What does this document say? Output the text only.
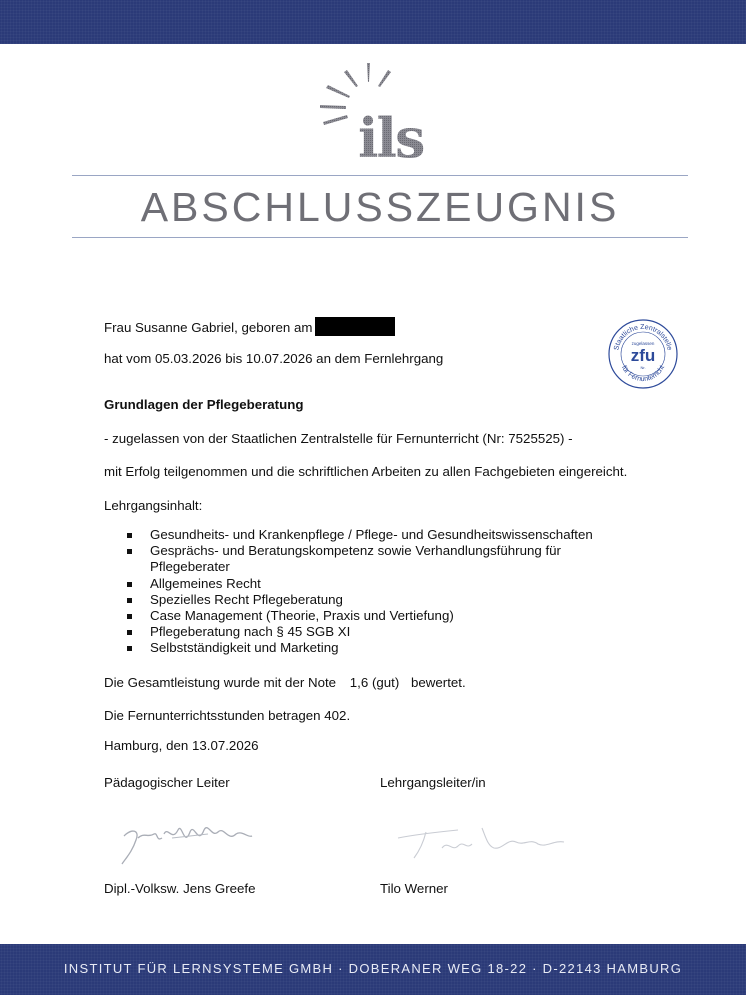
ils
ABSCHLUSSZEUGNIS
Frau Susanne Gabriel, geboren am
hat vom 05.03.2026 bis 10.07.2026 an dem Fernlehrgang
Staatliche Zentralstelle
zugelassen
zfu
Nr.
für Fernunterricht
Grundlagen der Pflegeberatung
- zugelassen von der Staatlichen Zentralstelle für Fernunterricht (Nr: 7525525) -
mit Erfolg teilgenommen und die schriftlichen Arbeiten zu allen Fachgebieten eingereicht.
Lehrgangsinhalt:
Gesundheits- und Krankenpflege / Pflege- und Gesundheitswissenschaften
Gesprächs- und Beratungskompetenz sowie Verhandlungsführung für Pflegeberater
Allgemeines Recht
Spezielles Recht Pflegeberatung
Case Management (Theorie, Praxis und Vertiefung)
Pflegeberatung nach § 45 SGB XI
Selbstständigkeit und Marketing
Die Gesamtleistung wurde mit der Note 1,6 (gut) bewertet.
Die Fernunterrichtsstunden betragen 402.
Hamburg, den 13.07.2026
Pädagogischer Leiter	Lehrgangsleiter/in
Dipl.-Volksw. Jens Greefe	Tilo Werner
INSTITUT FÜR LERNSYSTEME GMBH · DOBERANER WEG 18-22 · D-22143 HAMBURG
